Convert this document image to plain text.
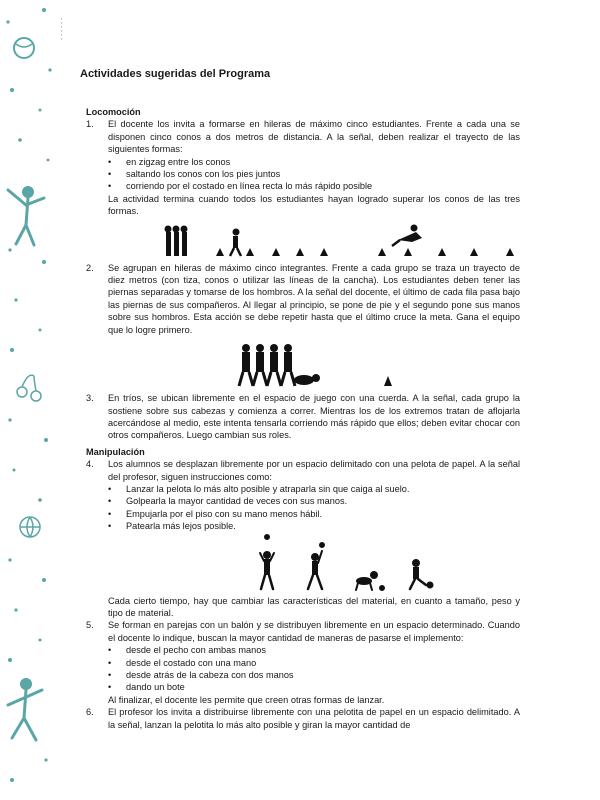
Actividades sugeridas del Programa

Locomoción

1. El docente los invita a formarse en hileras de máximo cinco estudiantes. Frente a cada una se disponen cinco conos a dos metros de distancia. A la señal, deben realizar el trayecto de las siguientes formas:

• en zigzag entre los conos
• saltando los conos con los pies juntos
• corriendo por el costado en línea recta lo más rápido posible

La actividad termina cuando todos los estudiantes hayan logrado superar los conos de las tres formas.

2. Se agrupan en hileras de máximo cinco integrantes. Frente a cada grupo se traza un trayecto de diez metros (con tiza, conos o utilizar las líneas de la cancha). Los estudiantes deben tener las piernas separadas y tomarse de los hombros. A la señal del docente, el último de cada fila pasa bajo las piernas de sus compañeros. Al llegar al principio, se pone de pie y el segundo pone sus manos sobre sus hombros. Esta acción se debe repetir hasta que el último cruce la meta. Gana el equipo que lo logre primero.

3. En tríos, se ubican libremente en el espacio de juego con una cuerda. A la señal, cada grupo la sostiene sobre sus cabezas y comienza a correr. Mientras los de los extremos tratan de aflojarla acercándose al medio, este intenta tensarla corriendo más rápido que ellos; deben evitar chocar con otros compañeros. Luego cambian sus roles.

Manipulación

4. Los alumnos se desplazan libremente por un espacio delimitado con una pelota de papel. A la señal del profesor, siguen instrucciones como:

• Lanzar la pelota lo más alto posible y atraparla sin que caiga al suelo.
• Golpearla la mayor cantidad de veces con sus manos.
• Empujarla por el piso con su mano menos hábil.
• Patearla más lejos posible.

Cada cierto tiempo, hay que cambiar las características del material, en cuanto a tamaño, peso y tipo de material.

5. Se forman en parejas con un balón y se distribuyen libremente en un espacio determinado. Cuando el docente lo indique, buscan la mayor cantidad de maneras de pasarse el implemento:

• desde el pecho con ambas manos
• desde el costado con una mano
• desde atrás de la cabeza con dos manos
• dando un bote

Al finalizar, el docente les permite que creen otras formas de lanzar.

6. El profesor los invita a distribuirse libremente con una pelotita de papel en un espacio delimitado. A la señal, lanzan la pelotita lo más alto posible y giran la mayor cantidad de
